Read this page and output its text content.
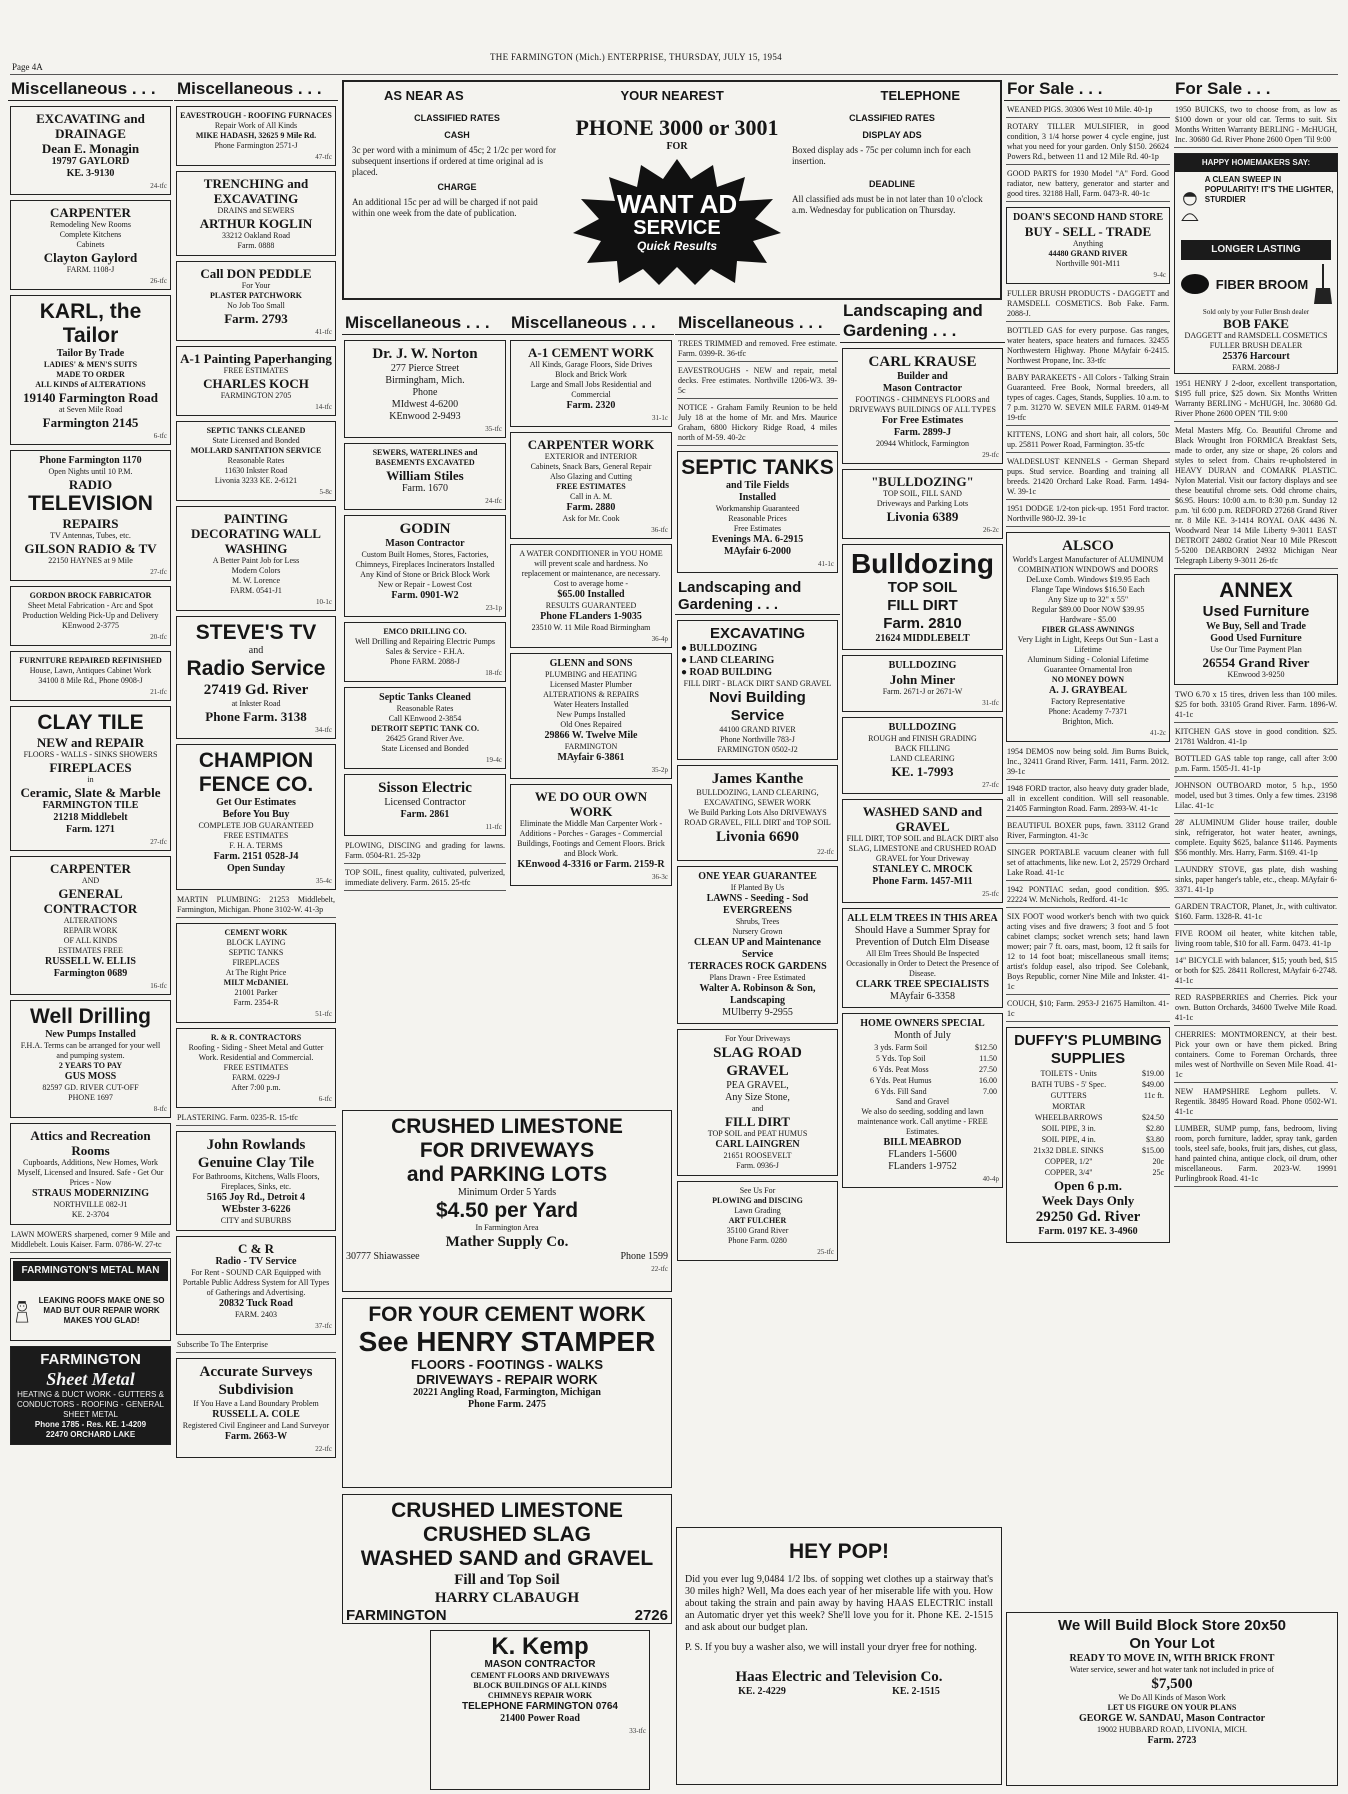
Page 4A
THE FARMINGTON (Mich.) ENTERPRISE, THURSDAY, JULY 15, 1954
Miscellaneous . . .
EXCAVATING and DRAINAGE
Dean E. Monagin
19797 GAYLORD
KE. 3-9130
24-tfc
CARPENTER
Remodeling New Rooms
Complete Kitchens
Cabinets
Clayton Gaylord
FARM. 1108-J
26-tfc
KARL, the Tailor
Tailor By Trade
LADIES' & MEN'S SUITS
MADE TO ORDER
ALL KINDS of ALTERATIONS
19140 Farmington Road
at Seven Mile Road
Farmington 2145
6-tfc
Phone Farmington 1170
Open Nights until 10 P.M.
RADIO
TELEVISION
REPAIRS
TV Antennas, Tubes, etc.
GILSON RADIO & TV
22150 HAYNES at 9 Mile
27-tfc
GORDON BROCK FABRICATOR
Sheet Metal Fabrication - Arc and Spot Production Welding Pick-Up and Delivery
KEnwood 2-3775
20-tfc
FURNITURE REPAIRED REFINISHED
House, Lawn, Antiques Cabinet Work
34100 8 Mile Rd., Phone 0908-J
21-tfc
CLAY TILE
NEW and REPAIR
FLOORS - WALLS - SINKS SHOWERS
FIREPLACES
in
Ceramic, Slate & Marble
FARMINGTON TILE
21218 Middlebelt
Farm. 1271
27-tfc
CARPENTER
AND
GENERAL CONTRACTOR
ALTERATIONS
REPAIR WORK
OF ALL KINDS
ESTIMATES FREE
RUSSELL W. ELLIS
Farmington 0689
16-tfc
Well Drilling
New Pumps Installed
F.H.A. Terms can be arranged for your well and pumping system.
2 YEARS TO PAY
GUS MOSS
82597 GD. RIVER CUT-OFF
PHONE 1697
8-tfc
Attics and Recreation Rooms
Cupboards, Additions, New Homes, Work Myself, Licensed and Insured. Safe - Get Our Prices - Now
STRAUS MODERNIZING
NORTHVILLE 082-J1
KE. 2-3704
LAWN MOWERS sharpened, corner 9 Mile and Middlebelt. Louis Kaiser. Farm. 0786-W. 27-tc
FARMINGTON'S METAL MAN
LEAKING ROOFS MAKE ONE SO MAD BUT OUR REPAIR WORK MAKES YOU GLAD!
FARMINGTON
Sheet Metal
HEATING & DUCT WORK - GUTTERS & CONDUCTORS - ROOFING - GENERAL SHEET METAL
Phone 1785 - Res. KE. 1-4209
22470 ORCHARD LAKE
Miscellaneous . . .
EAVESTROUGH - ROOFING FURNACES
Repair Work of All Kinds
MIKE HADASH, 32625 9 Mile Rd.
Phone Farmington 2571-J
47-tfc
TRENCHING and EXCAVATING
DRAINS and SEWERS
ARTHUR KOGLIN
33212 Oakland Road
Farm. 0888
Call DON PEDDLE
For Your
PLASTER PATCHWORK
No Job Too Small
Farm. 2793
41-tfc
A-1 Painting Paperhanging
FREE ESTIMATES
CHARLES KOCH
FARMINGTON 2705
14-tfc
SEPTIC TANKS CLEANED
State Licensed and Bonded
MOLLARD SANITATION SERVICE
Reasonable Rates
11630 Inkster Road
Livonia 3233 KE. 2-6121
5-8c
PAINTING DECORATING WALL WASHING
A Better Paint Job for Less
Modern Colors
M. W. Lorence
FARM. 0541-J1
10-1c
STEVE'S TV
and
Radio Service
27419 Gd. River
at Inkster Road
Phone Farm. 3138
34-tfc
CHAMPION FENCE CO.
Get Our Estimates
Before You Buy
COMPLETE JOB GUARANTEED
FREE ESTIMATES
F. H. A. TERMS
Farm. 2151 0528-J4
Open Sunday
35-4c
MARTIN PLUMBING: 21253 Middlebelt, Farmington, Michigan. Phone 3102-W. 41-3p
CEMENT WORK
BLOCK LAYING
SEPTIC TANKS
FIREPLACES
At The Right Price
MILT McDANIEL
21001 Parker
Farm. 2354-R
51-tfc
R. & R. CONTRACTORS
Roofing - Siding - Sheet Metal and Gutter Work. Residential and Commercial.
FREE ESTIMATES
FARM. 0229-J
After 7:00 p.m.
6-tfc
PLASTERING. Farm. 0235-R. 15-tfc
John Rowlands
Genuine Clay Tile
For Bathrooms, Kitchens, Walls Floors, Fireplaces, Sinks, etc.
5165 Joy Rd., Detroit 4
WEbster 3-6226
CITY and SUBURBS
C & R
Radio - TV Service
For Rent - SOUND CAR Equipped with Portable Public Address System for All Types of Gatherings and Advertising.
20832 Tuck Road
FARM. 2403
37-tfc
Subscribe To The Enterprise
Accurate Surveys Subdivision
If You Have a Land Boundary Problem
RUSSELL A. COLE
Registered Civil Engineer and Land Surveyor
Farm. 2663-W
22-tfc
AS NEAR AS	YOUR NEAREST	TELEPHONE
CLASSIFIED RATES
CASH
3c per word with a minimum of 45c; 2 1/2c per word for subsequent insertions if ordered at time original ad is placed.
CHARGE
An additional 15c per ad will be charged if not paid within one week from the date of publication.
PHONE 3000 or 3001
FOR
WANT AD
SERVICE
Quick Results
CLASSIFIED RATES
DISPLAY ADS
Boxed display ads - 75c per column inch for each insertion.
DEADLINE
All classified ads must be in not later than 10 o'clock a.m. Wednesday for publication on Thursday.
Miscellaneous . . .
Dr. J. W. Norton
277 Pierce Street
Birmingham, Mich.
Phone
MIdwest 4-6200
KEnwood 2-9493
35-tfc
SEWERS, WATERLINES and BASEMENTS EXCAVATED
William Stiles
Farm. 1670
24-tfc
GODIN
Mason Contractor
Custom Built Homes, Stores, Factories, Chimneys, Fireplaces Incinerators Installed
Any Kind of Stone or Brick Block Work
New or Repair - Lowest Cost
Farm. 0901-W2
23-1p
EMCO DRILLING CO.
Well Drilling and Repairing Electric Pumps
Sales & Service - F.H.A.
Phone FARM. 2088-J
18-tfc
Septic Tanks Cleaned
Reasonable Rates
Call KEnwood 2-3854
DETROIT SEPTIC TANK CO.
26425 Grand River Ave.
State Licensed and Bonded
19-4c
Sisson Electric
Licensed Contractor
Farm. 2861
11-tfc
PLOWING, DISCING and grading for lawns. Farm. 0504-R1. 25-32p
TOP SOIL, finest quality, cultivated, pulverized, immediate delivery. Farm. 2615. 25-tfc
Miscellaneous . . .
A-1 CEMENT WORK
All Kinds, Garage Floors, Side Drives
Block and Brick Work
Large and Small Jobs Residential and Commercial
Farm. 2320
31-1c
CARPENTER WORK
EXTERIOR and INTERIOR
Cabinets, Snack Bars, General Repair
Also Glazing and Cutting
FREE ESTIMATES
Call in A. M.
Farm. 2880
Ask for Mr. Cook
36-tfc
A WATER CONDITIONER in YOU HOME will prevent scale and hardness. No replacement or maintenance, are necessary. Cost to average home -
$65.00 Installed
RESULTS GUARANTEED
Phone FLanders 1-9035
23510 W. 11 Mile Road Birmingham
36-4p
GLENN and SONS
PLUMBING and HEATING
Licensed Master Plumber
ALTERATIONS & REPAIRS
Water Heaters Installed
New Pumps Installed
Old Ones Repaired
29866 W. Twelve Mile
FARMINGTON
MAyfair 6-3861
35-2p
WE DO OUR OWN WORK
Eliminate the Middle Man Carpenter Work - Additions - Porches - Garages - Commercial Buildings, Footings and Cement Floors. Brick and Block Work.
KEnwood 4-3316 or Farm. 2159-R
36-3c
CRUSHED LIMESTONE
FOR DRIVEWAYS
and PARKING LOTS
Minimum Order 5 Yards
$4.50 per Yard
In Farmington Area
Mather Supply Co.
30777 Shiawassee	Phone 1599
22-tfc
FOR YOUR CEMENT WORK
See HENRY STAMPER
FLOORS - FOOTINGS - WALKS
DRIVEWAYS - REPAIR WORK
20221 Angling Road, Farmington, Michigan
Phone Farm. 2475
CRUSHED LIMESTONE
CRUSHED SLAG
WASHED SAND and GRAVEL
Fill and Top Soil
HARRY CLABAUGH
FARMINGTON	2726
K. Kemp
MASON CONTRACTOR
CEMENT FLOORS AND DRIVEWAYS
BLOCK BUILDINGS OF ALL KINDS
CHIMNEYS REPAIR WORK
TELEPHONE FARMINGTON 0764
21400 Power Road
33-tfc
Miscellaneous . . .
TREES TRIMMED and removed. Free estimate. Farm. 0399-R. 36-tfc
EAVESTROUGHS - NEW and repair, metal decks. Free estimates. Northville 1206-W3. 39-5c
NOTICE - Graham Family Reunion to be held July 18 at the home of Mr. and Mrs. Maurice Graham, 6800 Hickory Ridge Road, 4 miles north of M-59. 40-2c
SEPTIC TANKS
and Tile Fields
Installed
Workmanship Guaranteed
Reasonable Prices
Free Estimates
Evenings MA. 6-2915
MAyfair 6-2000
41-1c
Landscaping and Gardening . . .
EXCAVATING
● BULLDOZING
● LAND CLEARING
● ROAD BUILDING
FILL DIRT - BLACK DIRT SAND GRAVEL
Novi Building Service
44100 GRAND RIVER
Phone Northville 783-J
FARMINGTON 0502-J2
James Kanthe
BULLDOZING, LAND CLEARING, EXCAVATING, SEWER WORK
We Build Parking Lots Also DRIVEWAYS
ROAD GRAVEL, FILL DIRT and TOP SOIL
Livonia 6690
22-tfc
ONE YEAR GUARANTEE
If Planted By Us
LAWNS - Seeding - Sod
EVERGREENS
Shrubs, Trees
Nursery Grown
CLEAN UP and Maintenance Service
TERRACES ROCK GARDENS
Plans Drawn - Free Estimated
Walter A. Robinson & Son, Landscaping
MUlberry 9-2955
For Your Driveways
SLAG ROAD GRAVEL
PEA GRAVEL,
Any Size Stone,
and
FILL DIRT
TOP SOIL and PEAT HUMUS
CARL LAINGREN
21651 ROOSEVELT
Farm. 0936-J
See Us For
PLOWING and DISCING
Lawn Grading
ART FULCHER
35100 Grand River
Phone Farm. 0280
25-tfc
Landscaping and Gardening . . .
CARL KRAUSE
Builder and
Mason Contractor
FOOTINGS - CHIMNEYS FLOORS and DRIVEWAYS BUILDINGS OF ALL TYPES
For Free Estimates
Farm. 2899-J
20944 Whitlock, Farmington
29-tfc
"BULLDOZING"
TOP SOIL, FILL SAND
Driveways and Parking Lots
Livonia 6389
26-2c
Bulldozing
TOP SOIL
FILL DIRT
Farm. 2810
21624 MIDDLEBELT
BULLDOZING
John Miner
Farm. 2671-J or 2671-W
31-tfc
BULLDOZING
ROUGH and FINISH GRADING
BACK FILLING
LAND CLEARING
KE. 1-7993
27-tfc
WASHED SAND and GRAVEL
FILL DIRT, TOP SOIL and BLACK DIRT also SLAG, LIMESTONE and CRUSHED ROAD GRAVEL for Your Driveway
STANLEY C. MROCK
Phone Farm. 1457-M11
25-tfc
ALL ELM TREES IN THIS AREA
Should Have a Summer Spray for Prevention of Dutch Elm Disease
All Elm Trees Should Be Inspected Occasionally in Order to Detect the Presence of Disease.
CLARK TREE SPECIALISTS
MAyfair 6-3358
HOME OWNERS SPECIAL
Month of July
3 yds. Farm Soil	$12.50
5 Yds. Top Soil	11.50
6 Yds. Peat Moss	27.50
6 Yds. Peat Humus	16.00
6 Yds. Fill Sand	7.00
Sand and Gravel
We also do seeding, sodding and lawn maintenance work. Call anytime - FREE Estimates.
BILL MEABROD
FLanders 1-5600
FLanders 1-9752
40-4p
HEY POP!
Did you ever lug 9,0484 1/2 lbs. of sopping wet clothes up a stairway that's 30 miles high? Well, Ma does each year of her miserable life with you. How about taking the strain and pain away by having HAAS ELECTRIC install an Automatic dryer yet this week? She'll love you for it. Phone KE. 2-1515 and ask about our budget plan.
P. S. If you buy a washer also, we will install your dryer free for nothing.
Haas Electric and Television Co.
KE. 2-4229	KE. 2-1515
For Sale . . .
WEANED PIGS. 30306 West 10 Mile. 40-1p
ROTARY TILLER MULSIFIER, in good condition, 3 1/4 horse power 4 cycle engine, just what you need for your garden. Only $150. 26624 Powers Rd., between 11 and 12 Mile Rd. 40-1p
GOOD PARTS for 1930 Model "A" Ford. Good radiator, new battery, generator and starter and good tires. 32188 Hall, Farm. 0473-R. 40-1c
DOAN'S SECOND HAND STORE
BUY - SELL - TRADE
Anything
44480 GRAND RIVER
Northville 901-M11
9-4c
FULLER BRUSH PRODUCTS - DAGGETT and RAMSDELL COSMETICS. Bob Fake. Farm. 2088-J.
BOTTLED GAS for every purpose. Gas ranges, water heaters, space heaters and furnaces. 32455 Northwestern Highway. Phone MAyfair 6-2415. Northwest Propane, Inc. 33-tfc
BABY PARAKEETS - All Colors - Talking Strain Guaranteed. Free Book, Normal breeders, all types of cages. Cages, Stands, Supplies. 10 a.m. to 7 p.m. 31270 W. SEVEN MILE FARM. 0149-M 19-tfc
KITTENS, LONG and short hair, all colors, 50c up. 25811 Power Road, Farmington. 35-tfc
WALDESLUST KENNELS - German Shepard pups. Stud service. Boarding and training all breeds. 21420 Orchard Lake Road. Farm. 1494-W. 39-1c
1951 DODGE 1/2-ton pick-up. 1951 Ford tractor. Northville 980-J2. 39-1c
ALSCO
World's Largest Manufacturer of ALUMINUM COMBINATION WINDOWS and DOORS
DeLuxe Comb. Windows $19.95 Each
Flange Tape Windows $16.50 Each
Any Size up to 32" x 55"
Regular $89.00 Door NOW $39.95
Hardware - $5.00
FIBER GLASS AWNINGS
Very Light in Light, Keeps Out Sun - Last a Lifetime
Aluminum Siding - Colonial Lifetime Guarantee Ornamental Iron
NO MONEY DOWN
A. J. GRAYBEAL
Factory Representative
Phone: Academy 7-7371
Brighton, Mich.
41-2c
1954 DEMOS now being sold. Jim Burns Buick, Inc., 32411 Grand River, Farm. 1411, Farm. 2012. 39-1c
1948 FORD tractor, also heavy duty grader blade, all in excellent condition. Will sell reasonable. 21405 Farmington Road. Farm. 2893-W. 41-1c
BEAUTIFUL BOXER pups, fawn. 33112 Grand River, Farmington. 41-3c
SINGER PORTABLE vacuum cleaner with full set of attachments, like new. Lot 2, 25729 Orchard Lake Road. 41-1c
1942 PONTIAC sedan, good condition. $95. 22224 W. McNichols, Redford. 41-1c
SIX FOOT wood worker's bench with two quick acting vises and five drawers; 3 foot and 5 foot cabinet clamps; socket wrench sets; hand lawn mower; pair 7 ft. oars, mast, boom, 12 ft sails for 12 to 14 foot boat; miscellaneous small items; artist's foldup easel, also tripod. See Colebank, Boys Republic, corner Nine Mile and Inkster. 41-1c
COUCH, $10; Farm. 2953-J 21675 Hamilton. 41-1c
DUFFY'S PLUMBING SUPPLIES
TOILETS - Units	$19.00
BATH TUBS - 5' Spec.	$49.00
GUTTERS	11c ft.
MORTAR	
WHEELBARROWS	$24.50
SOIL PIPE, 3 in.	$2.80
SOIL PIPE, 4 in.	$3.80
21x32 DBLE. SINKS	$15.00
COPPER, 1/2"	20c
COPPER, 3/4"	25c
Open 6 p.m.
Week Days Only
29250 Gd. River
Farm. 0197 KE. 3-4960
For Sale . . .
1950 BUICKS, two to choose from, as low as $100 down or your old car. Terms to suit. Six Months Written Warranty BERLING - McHUGH, Inc. 30680 Gd. River Phone 2600 Open 'Til 9:00
HAPPY HOMEMAKERS SAY:
A CLEAN SWEEP IN POPULARITY! IT'S THE LIGHTER, STURDIER
LONGER LASTING
FIBER BROOM
Sold only by your Fuller Brush dealer
BOB FAKE
DAGGETT and RAMSDELL COSMETICS
FULLER BRUSH DEALER
25376 Harcourt
FARM. 2088-J
1951 HENRY J 2-door, excellent transportation, $195 full price, $25 down. Six Months Written Warranty BERLING - McHUGH, Inc. 30680 Gd. River Phone 2600 OPEN 'TIL 9:00
Metal Masters Mfg. Co. Beautiful Chrome and Black Wrought Iron FORMICA Breakfast Sets, made to order, any size or shape, 26 colors and styles to select from. Chairs re-upholstered in HEAVY DURAN and COMARK PLASTIC. Nylon Material. Visit our factory displays and see these beautiful chrome sets. Odd chrome chairs, $6.95. Hours: 10:00 a.m. to 8:30 p.m. Sunday 12 p.m. 'til 6:00 p.m. REDFORD 27268 Grand River nr. 8 Mile KE. 3-1414 ROYAL OAK 4436 N. Woodward Near 14 Mile Liberty 9-3011 EAST DETROIT 24802 Gratiot Near 10 Mile PRescott 5-5200 DEARBORN 24932 Michigan Near Telegraph Liberty 9-3011 26-tfc
ANNEX
Used Furniture
We Buy, Sell and Trade
Good Used Furniture
Use Our Time Payment Plan
26554 Grand River
KEnwood 3-9250
TWO 6.70 x 15 tires, driven less than 100 miles. $25 for both. 33105 Grand River. Farm. 1896-W. 41-1c
KITCHEN GAS stove in good condition. $25. 21781 Waldron. 41-1p
BOTTLED GAS table top range, call after 3:00 p.m. Farm. 1505-J1. 41-1p
JOHNSON OUTBOARD motor, 5 h.p., 1950 model, used but 3 times. Only a few times. 23198 Lilac. 41-1c
28' ALUMINUM Glider house trailer, double sink, refrigerator, hot water heater, awnings, complete. Equity $625, balance $1146. Payments $56 monthly. Mrs. Harry, Farm. $169. 41-1p
LAUNDRY STOVE, gas plate, dish washing sinks, paper hanger's table, etc., cheap. MAyfair 6-3371. 41-1p
GARDEN TRACTOR, Planet, Jr., with cultivator. $160. Farm. 1328-R. 41-1c
FIVE ROOM oil heater, white kitchen table, living room table, $10 for all. Farm. 0473. 41-1p
14" BICYCLE with balancer, $15; youth bed, $15 or both for $25. 28411 Rollcrest, MAyfair 6-2748. 41-1c
RED RASPBERRIES and Cherries. Pick your own. Button Orchards, 34600 Twelve Mile Road. 41-1c
CHERRIES: MONTMORENCY, at their best. Pick your own or have them picked. Bring containers. Come to Foreman Orchards, three miles west of Northville on Seven Mile Road. 41-1c
NEW HAMPSHIRE Leghorn pullets. V. Regentik. 38495 Howard Road. Phone 0502-W1. 41-1c
LUMBER, SUMP pump, fans, bedroom, living room, porch furniture, ladder, spray tank, garden tools, steel safe, books, fruit jars, dishes, cut glass, hand painted china, antique clock, oil drum, other miscellaneous. Farm. 2023-W. 19991 Purlingbrook Road. 41-1c
We Will Build Block Store 20x50
On Your Lot
READY TO MOVE IN, WITH BRICK FRONT
Water service, sewer and hot water tank not included in price of
$7,500
We Do All Kinds of Mason Work
LET US FIGURE ON YOUR PLANS
GEORGE W. SANDAU, Mason Contractor
19002 HUBBARD ROAD, LIVONIA, MICH.
Farm. 2723
